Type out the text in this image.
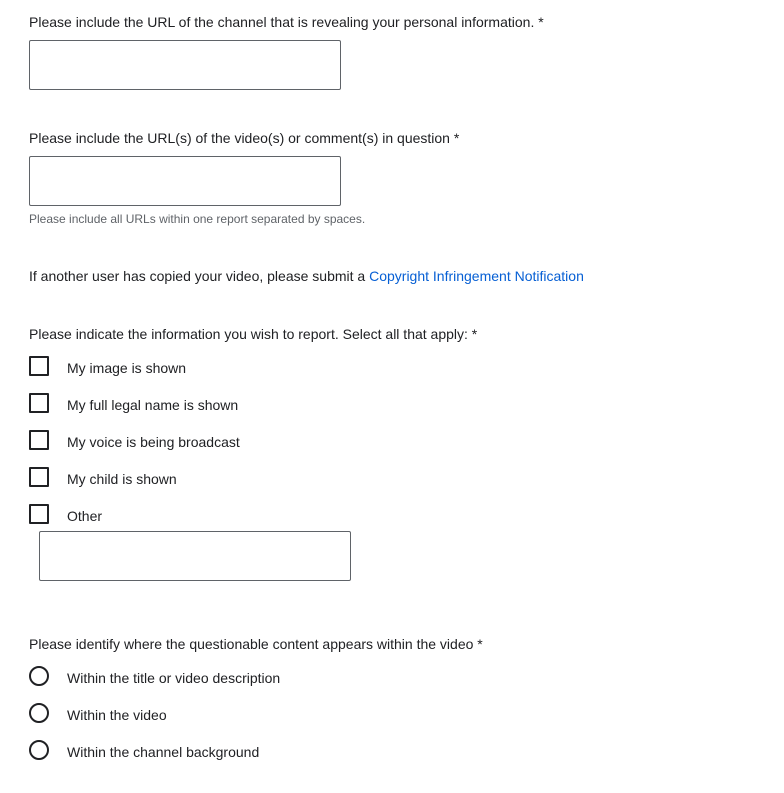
Please include the URL of the channel that is revealing your personal information. *
Please include the URL(s) of the video(s) or comment(s) in question *
Please include all URLs within one report separated by spaces.
If another user has copied your video, please submit a Copyright Infringement Notification
Please indicate the information you wish to report. Select all that apply: *
My image is shown
My full legal name is shown
My voice is being broadcast
My child is shown
Other
Please identify where the questionable content appears within the video *
Within the title or video description
Within the video
Within the channel background
